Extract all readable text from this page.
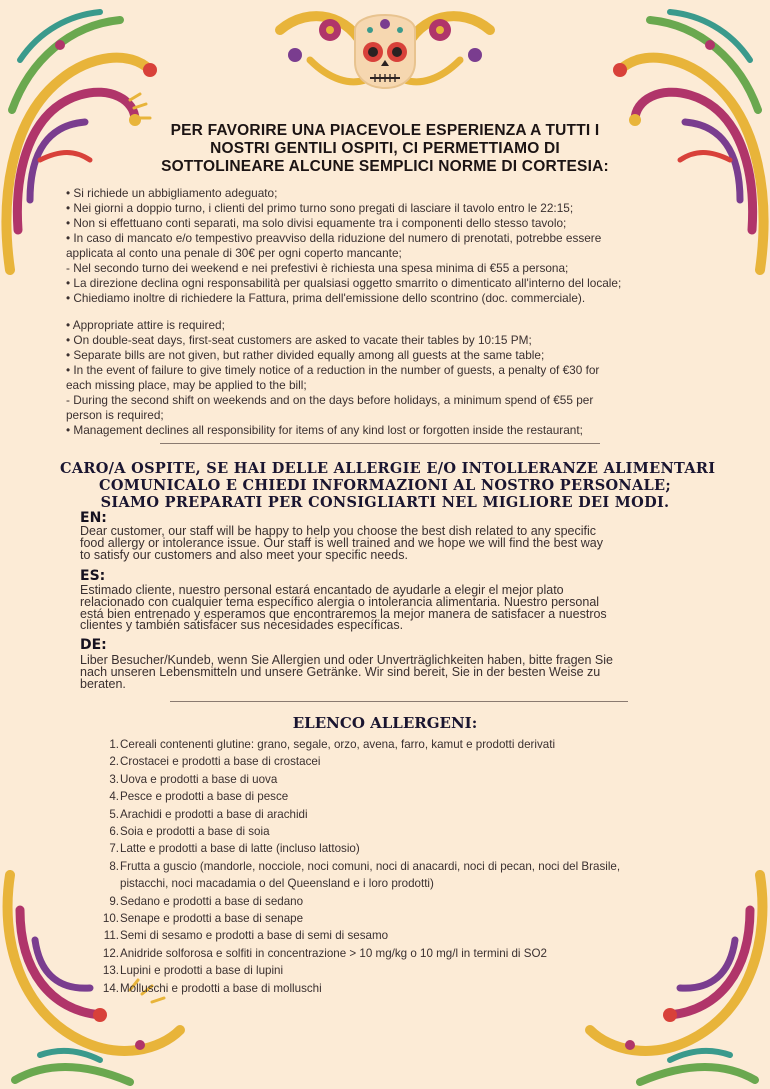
PER FAVORIRE UNA PIACEVOLE ESPERIENZA A TUTTI I
NOSTRI GENTILI OSPITI, CI PERMETTIAMO DI
SOTTOLINEARE ALCUNE SEMPLICI NORME DI CORTESIA:
• Si richiede un abbigliamento adeguato;
• Nei giorni a doppio turno, i clienti del primo turno sono pregati di lasciare il tavolo entro le 22:15;
• Non si effettuano conti separati, ma solo divisi equamente tra i componenti dello stesso tavolo;
• In caso di mancato e/o tempestivo preavviso della riduzione del numero di prenotati, potrebbe essere
applicata al conto una penale di 30€ per ogni coperto mancante;
- Nel secondo turno dei weekend e nei prefestivi è richiesta una spesa minima di €55 a persona;
• La direzione declina ogni responsabilità per qualsiasi oggetto smarrito o dimenticato all'interno del locale;
• Chiediamo inoltre di richiedere la Fattura, prima dell'emissione dello scontrino (doc. commerciale).
• Appropriate attire is required;
• On double-seat days, first-seat customers are asked to vacate their tables by 10:15 PM;
• Separate bills are not given, but rather divided equally among all guests at the same table;
• In the event of failure to give timely notice of a reduction in the number of guests, a penalty of €30 for
each missing place, may be applied to the bill;
- During the second shift on weekends and on the days before holidays, a minimum spend of €55 per
person is required;
• Management declines all responsibility for items of any kind lost or forgotten inside the restaurant;
CARO/A OSPITE, SE HAI DELLE ALLERGIE E/O INTOLLERANZE ALIMENTARI
COMUNICALO E CHIEDI INFORMAZIONI AL NOSTRO PERSONALE;
SIAMO PREPARATI PER CONSIGLIARTI NEL MIGLIORE DEI MODI.
EN:
Dear customer, our staff will be happy to help you choose the best dish related to any specific
food allergy or intolerance issue. Our staff is well trained and we hope we will find the best way
to satisfy our customers and also meet your specific needs.
ES:
Estimado cliente, nuestro personal estará encantado de ayudarle a elegir el mejor plato
relacionado con cualquier tema específico alergia o intolerancia alimentaria. Nuestro personal
está bien entrenado y esperamos que encontraremos la mejor manera de satisfacer a nuestros
clientes y también satisfacer sus necesidades específicas.
DE:
Liber Besucher/Kundeb, wenn Sie Allergien und oder Unverträglichkeiten haben, bitte fragen Sie
nach unseren Lebensmitteln und unsere Getränke. Wir sind bereit, Sie in der besten Weise zu
beraten.
ELENCO ALLERGENI:
1. Cereali contenenti glutine: grano, segale, orzo, avena, farro, kamut e prodotti derivati
2. Crostacei e prodotti a base di crostacei
3. Uova e prodotti a base di uova
4. Pesce e prodotti a base di pesce
5. Arachidi e prodotti a base di arachidi
6. Soia e prodotti a base di soia
7. Latte e prodotti a base di latte (incluso lattosio)
8. Frutta a guscio (mandorle, nocciole, noci comuni, noci di anacardi, noci di pecan, noci del Brasile,
pistacchi, noci macadamia o del Queensland e i loro prodotti)
9. Sedano e prodotti a base di sedano
10. Senape e prodotti a base di senape
11. Semi di sesamo e prodotti a base di semi di sesamo
12. Anidride solforosa e solfiti in concentrazione > 10 mg/kg o 10 mg/l in termini di SO2
13. Lupini e prodotti a base di lupini
14. Molluschi e prodotti a base di molluschi
